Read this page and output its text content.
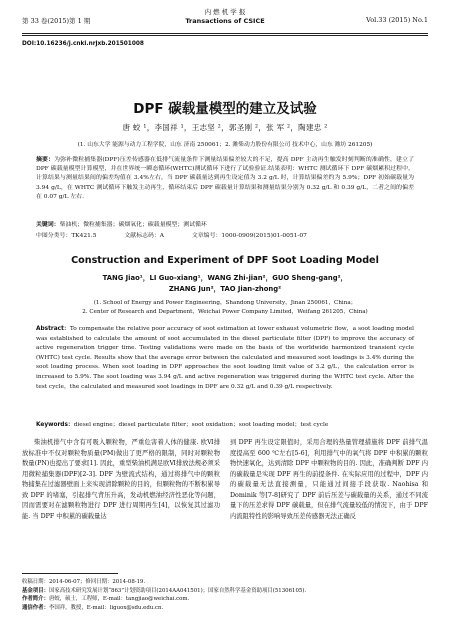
第 33 卷(2015)第 1 期
内 燃 机 学 报
Transactions of CSICE	Vol.33 (2015) No.1
DOI:10.16236/j.cnki.nrjxb.201501008
DPF 碳载量模型的建立及试验
唐 蛟 ¹，李国祥 ¹，王志坚 ²，郭圣刚 ²，张 军 ²，陶建忠 ²
(1. 山东大学 能源与动力工程学院，山东 济南 250061；2. 潍柴动力股份有限公司 技术中心，山东 潍坊 261205)
摘要：为弥补微粒捕集器(DPF)压差传感器在低排气流量条件下测量结果偏差较大的不足，提高 DPF 主动再生触发时刻判断的准确性，建立了 DPF 碳载量模型计算模型，并在世界统一瞬态循环(WHTC)测试循环下进行了试验验证.结果表明：WHTC 测试循环下 DPF 碳烟累积过程中，计算结果与测量结果间的偏差均值在 3.4%左右，当 DPF 碳载量达到再生设定值为 3.2 g/L 时，计算结果偏差约为 5.9%；DPF 初始碳载量为 3.94 g/L，在 WHTC 测试循环下触发主动再生，循环结束后 DPF 碳载量计算结果和测量结果分别为 0.32 g/L 和 0.39 g/L，二者之间的偏差在 0.07 g/L 左右.
关键词：柴油机；微粒捕集器；碳烟氧化；碳载量模型；测试循环
中图分类号：TK421.5	文献标志码：A	文章编号：1000-0909(2015)01-0051-07
Construction and Experiment of DPF Soot Loading Model
TANG Jiao¹，LI Guo-xiang¹，WANG Zhi-jian²，GUO Sheng-gang²，
ZHANG Jun²，TAO Jian-zhong²
(1. School of Energy and Power Engineering，Shandong University，Jinan 250061，China；
2. Center of Research and Department，Weichai Power Company Limited，Weifang 261205，China)
Abstract：To compensate the relative poor accuracy of soot estimation at lower exhaust volumetric flow，a soot loading model was established to calculate the amount of soot accumulated in the diesel particulate filter (DPF) to improve the accuracy of active regeneration trigger time. Testing validations were made on the basis of the worldwide harmonized transient cycle (WHTC) test cycle. Results show that the average error between the calculated and measured soot loadings is 3.4% during the soot loading process. When soot loading in DPF approaches the soot loading limit value of 3.2 g/L，the calculation error is increased to 5.9%. The soot loading was 3.94 g/L and active regeneration was triggered during the WHTC test cycle. After the test cycle，the calculated and measured soot loadings in DPF are 0.32 g/L and 0.39 g/L respectively.
Keywords：diesel engine；diesel particulate filter；soot oxidation；soot loading model；test cycle
柴油机排气中含有可吸入颗粒物，严重危害着人体的健康. 欧Ⅵ排放标准中不仅对颗粒物质量(PM)做出了更严格的限制，同时对颗粒物数量(PN)也提出了要求[1]. 因此，重型柴油机满足欧Ⅵ排放法规必须采用微粒捕集器(DPF)[2-3]. DPF 为壁流式结构，通过将排气中的颗粒物捕集在过滤器壁面上来实现清除颗粒的目的，但颗粒物的不断积累导致 DPF 的堵塞，引起排气背压升高，发动机燃油经济性恶化等问题，因而需要对在滤颗粒物进行 DPF 进行周期再生[4]，以恢复其过滤功能. 当 DPF 中积累的碳载量达
到 DPF 再生设定限值时，采用合理的热量管理措施将 DPF 前排气温度提高至 600 ℃左右[5-6]，利用排气中的氧气将 DPF 中积累的颗粒物快速氧化，达到清除 DPF 中颗粒物的目的. 因此，准确判断 DPF 内的碳载量是实现 DPF 再生的前提条件. 在实际应用的过程中，DPF 内的碳载量无法直接测量，只能通过间接手段获取. Naohisa 和 Dominik 等[7-8]研究了 DPF 前后压差与碳载量的关系，通过不同流量下的压差求得 DPF 碳载量，但在排气流量较低的情况下，由于 DPF 内流阻特性的影响导致压差传感器无法正确反
收稿日期：2014-06-07；修回日期：2014-08-19.
基金项目：国家高技术研究发展计划“863”计划资助项目(2014AA041501)；国家自然科学基金资助项目(51306105).
作者简介：唐蛟，硕士，工程师，E-mail：tangjiao@weichai.com.
通信作者：李国祥，教授，E-mail：liguox@sdu.edu.cn.
